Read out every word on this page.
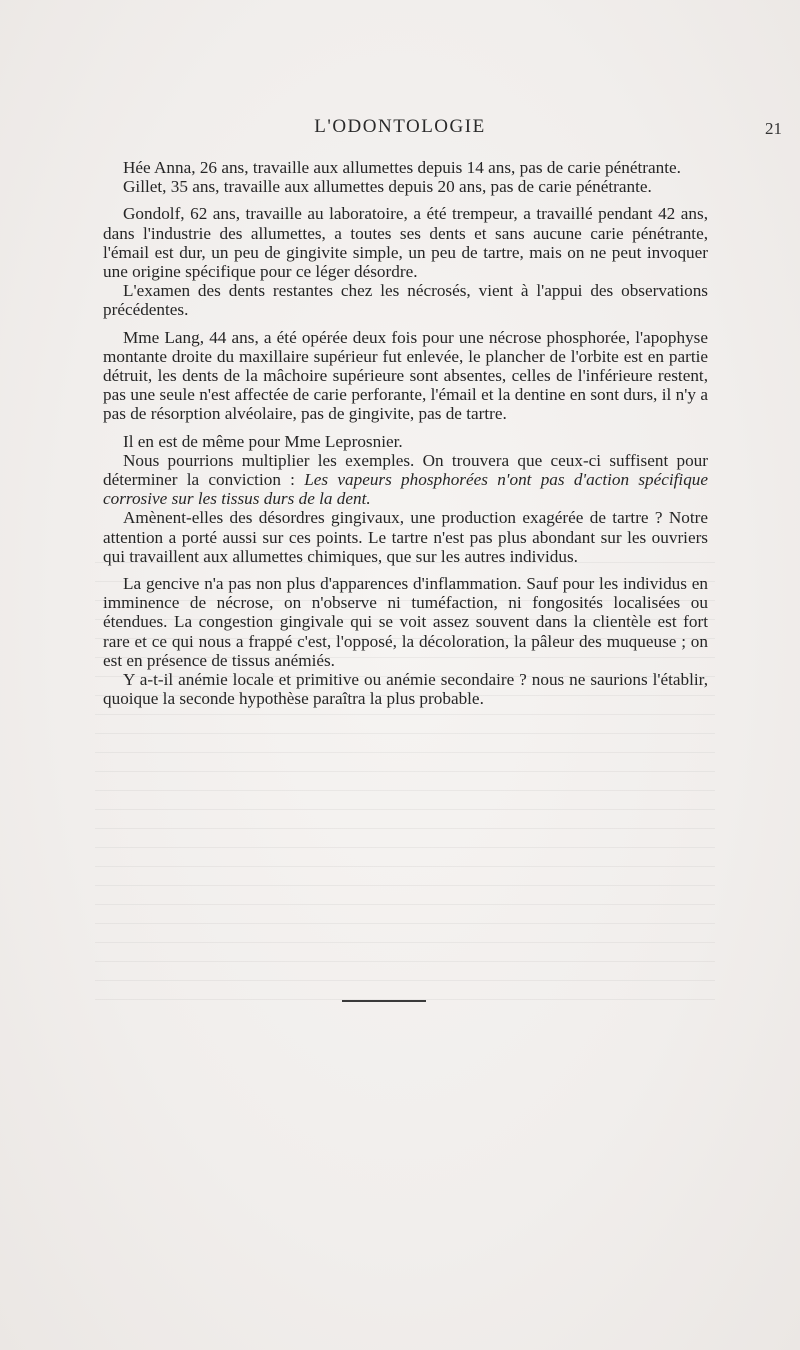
L'ODONTOLOGIE	21

Hée Anna, 26 ans, travaille aux allumettes depuis 14 ans, pas de carie pénétrante.

Gillet, 35 ans, travaille aux allumettes depuis 20 ans, pas de carie pénétrante.

Gondolf, 62 ans, travaille au laboratoire, a été trempeur, a travaillé pendant 42 ans, dans l'industrie des allumettes, a toutes ses dents et sans aucune carie pénétrante, l'émail est dur, un peu de gingivite simple, un peu de tartre, mais on ne peut invoquer une origine spécifique pour ce léger désordre.

L'examen des dents restantes chez les nécrosés, vient à l'appui des observations précédentes.

Mme Lang, 44 ans, a été opérée deux fois pour une nécrose phosphorée, l'apophyse montante droite du maxillaire supérieur fut enlevée, le plancher de l'orbite est en partie détruit, les dents de la mâchoire supérieure sont absentes, celles de l'inférieure restent, pas une seule n'est affectée de carie perforante, l'émail et la dentine en sont durs, il n'y a pas de résorption alvéolaire, pas de gingivite, pas de tartre.

Il en est de même pour Mme Leprosnier.

Nous pourrions multiplier les exemples. On trouvera que ceux-ci suffisent pour déterminer la conviction : Les vapeurs phosphorées n'ont pas d'action spécifique corrosive sur les tissus durs de la dent.

Amènent-elles des désordres gingivaux, une production exagérée de tartre ? Notre attention a porté aussi sur ces points. Le tartre n'est pas plus abondant sur les ouvriers qui travaillent aux allumettes chimiques, que sur les autres individus.

La gencive n'a pas non plus d'apparences d'inflammation. Sauf pour les individus en imminence de nécrose, on n'observe ni tuméfaction, ni fongosités localisées ou étendues. La congestion gingivale qui se voit assez souvent dans la clientèle est fort rare et ce qui nous a frappé c'est, l'opposé, la décoloration, la pâleur des muqueuse ; on est en présence de tissus anémiés.

Y a-t-il anémie locale et primitive ou anémie secondaire ? nous ne saurions l'établir, quoique la seconde hypothèse paraîtra la plus probable.
